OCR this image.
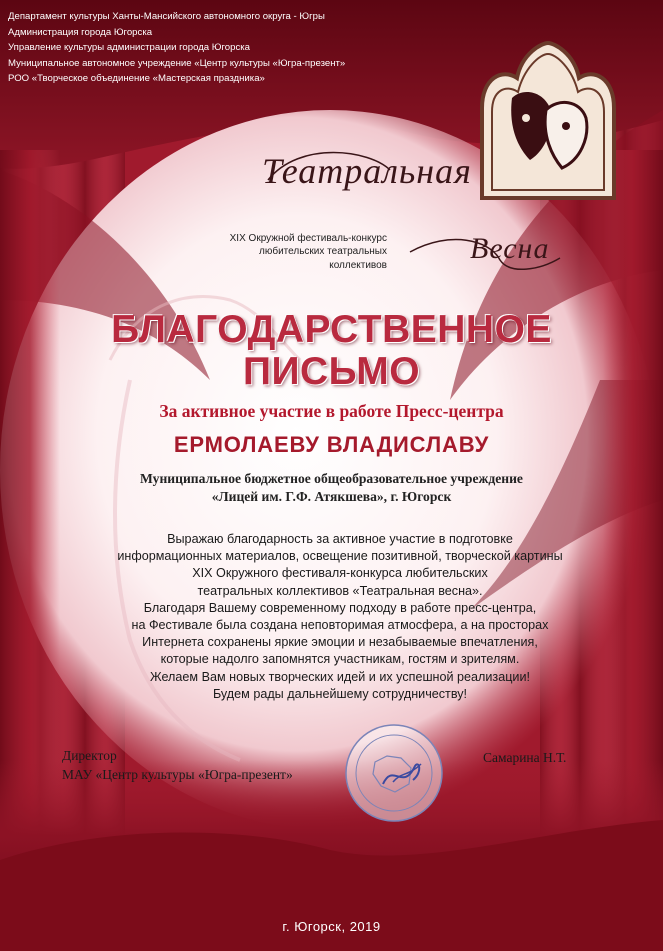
Департамент культуры Ханты-Мансийского автономного округа - Югры
Администрация города Югорска
Управление культуры администрации города Югорска
Муниципальное автономное учреждение «Центр культуры «Югра-презент»
РОО «Творческое объединение «Мастерская праздника»
Театральная
Весна
XIX Окружной фестиваль-конкурс
любительских театральных
коллективов
БЛАГОДАРСТВЕННОЕ
ПИСЬМО
За активное участие в работе Пресс-центра
ЕРМОЛАЕВУ ВЛАДИСЛАВУ
Муниципальное бюджетное общеобразовательное учреждение
«Лицей им. Г.Ф. Атякшева», г. Югорск
Выражаю благодарность за активное участие в подготовке
информационных материалов, освещение позитивной, творческой картины
XIX Окружного фестиваля-конкурса любительских
театральных коллективов «Театральная весна».
Благодаря Вашему современному подходу в работе пресс-центра,
на Фестивале была создана неповторимая атмосфера, а на просторах
Интернета сохранены яркие эмоции и незабываемые впечатления,
которые надолго запомнятся участникам, гостям и зрителям.
Желаем Вам новых творческих идей и их успешной реализации!
Будем рады дальнейшему сотрудничеству!
Директор
МАУ «Центр культуры «Югра-презент»
Самарина Н.Т.
г. Югорск, 2019
